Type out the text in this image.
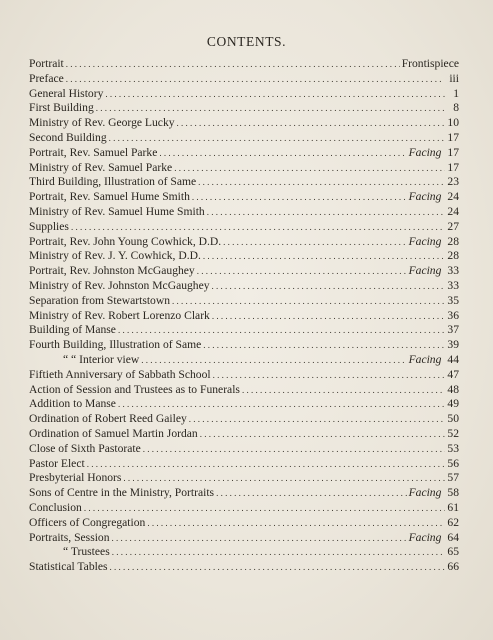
CONTENTS.
Portrait . . .	Frontispiece
Preface . . .	iii
General History . . .	1
First Building . . .	8
Ministry of Rev. George Lucky . . .	10
Second Building . . .	17
Portrait, Rev. Samuel Parke . . .	Facing 17
Ministry of Rev. Samuel Parke . . .	17
Third Building, Illustration of Same . . .	23
Portrait, Rev. Samuel Hume Smith . . .	Facing 24
Ministry of Rev. Samuel Hume Smith . . .	24
Supplies . . .	27
Portrait, Rev. John Young Cowhick, D.D. . . .	Facing 28
Ministry of Rev. J. Y. Cowhick, D.D. . . .	28
Portrait, Rev. Johnston McGaughey . . .	Facing 33
Ministry of Rev. Johnston McGaughey . . .	33
Separation from Stewartstown . . .	35
Ministry of Rev. Robert Lorenzo Clark . . .	36
Building of Manse . . .	37
Fourth Building, Illustration of Same . . .	39
“ “ Interior view . . .	Facing 44
Fiftieth Anniversary of Sabbath School . . .	47
Action of Session and Trustees as to Funerals . . .	48
Addition to Manse . . .	49
Ordination of Robert Reed Gailey . . .	50
Ordination of Samuel Martin Jordan . . .	52
Close of Sixth Pastorate . . .	53
Pastor Elect . . .	56
Presbyterial Honors . . .	57
Sons of Centre in the Ministry, Portraits . . .	Facing 58
Conclusion . . .	61
Officers of Congregation . . .	62
Portraits, Session . . .	Facing 64
“ Trustees . . .	65
Statistical Tables . . .	66
